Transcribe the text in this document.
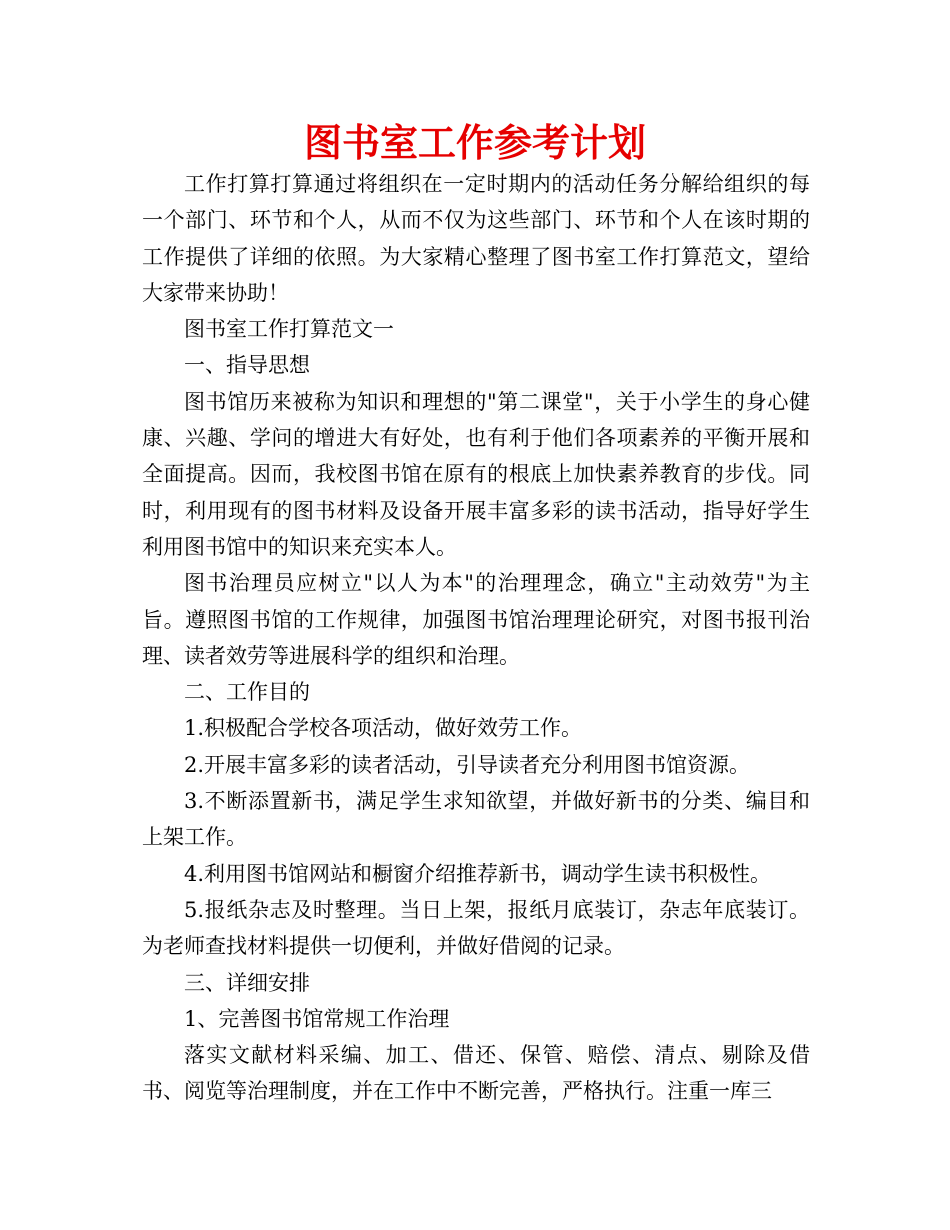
图书室工作参考计划

工作打算打算通过将组织在一定时期内的活动任务分解给组织的每一个部门、环节和个人，从而不仅为这些部门、环节和个人在该时期的工作提供了详细的依照。为大家精心整理了图书室工作打算范文，望给大家带来协助！

图书室工作打算范文一

一、指导思想

图书馆历来被称为知识和理想的"第二课堂"，关于小学生的身心健康、兴趣、学问的增进大有好处，也有利于他们各项素养的平衡开展和全面提高。因而，我校图书馆在原有的根底上加快素养教育的步伐。同时，利用现有的图书材料及设备开展丰富多彩的读书活动，指导好学生利用图书馆中的知识来充实本人。

图书治理员应树立"以人为本"的治理理念，确立"主动效劳"为主旨。遵照图书馆的工作规律，加强图书馆治理理论研究，对图书报刊治理、读者效劳等进展科学的组织和治理。

二、工作目的

1.积极配合学校各项活动，做好效劳工作。

2.开展丰富多彩的读者活动，引导读者充分利用图书馆资源。

3.不断添置新书，满足学生求知欲望，并做好新书的分类、编目和上架工作。

4.利用图书馆网站和橱窗介绍推荐新书，调动学生读书积极性。

5.报纸杂志及时整理。当日上架，报纸月底装订，杂志年底装订。为老师查找材料提供一切便利，并做好借阅的记录。

三、详细安排

1、完善图书馆常规工作治理

落实文献材料采编、加工、借还、保管、赔偿、清点、剔除及借书、阅览等治理制度，并在工作中不断完善，严格执行。注重一库三
